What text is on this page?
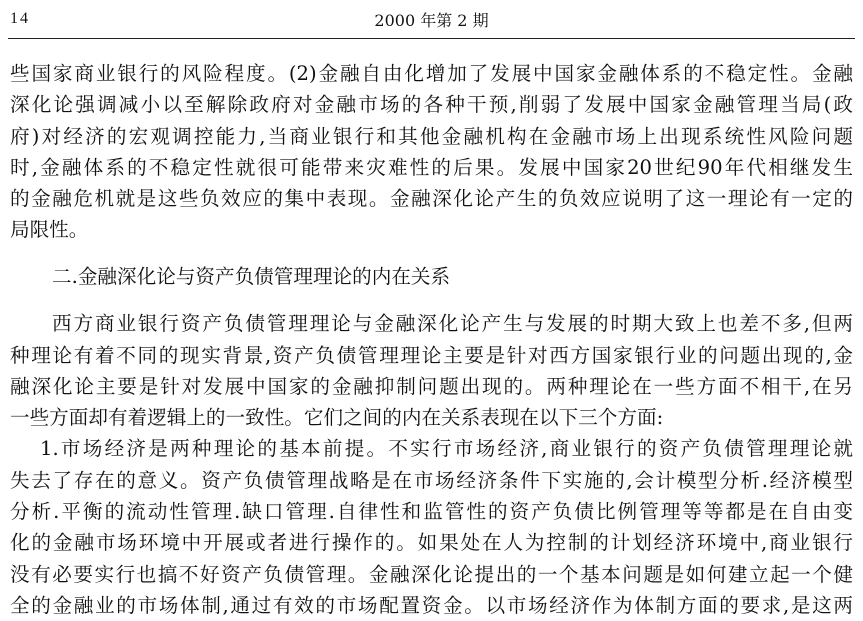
14	2000 年第 2 期
些国家商业银行的风险程度。(2)金融自由化增加了发展中国家金融体系的不稳定性。金融
深化论强调减小以至解除政府对金融市场的各种干预,削弱了发展中国家金融管理当局(政
府)对经济的宏观调控能力,当商业银行和其他金融机构在金融市场上出现系统性风险问题
时,金融体系的不稳定性就很可能带来灾难性的后果。发展中国家20世纪90年代相继发生
的金融危机就是这些负效应的集中表现。金融深化论产生的负效应说明了这一理论有一定的
局限性。
二.金融深化论与资产负债管理理论的内在关系
西方商业银行资产负债管理理论与金融深化论产生与发展的时期大致上也差不多,但两
种理论有着不同的现实背景,资产负债管理理论主要是针对西方国家银行业的问题出现的,金
融深化论主要是针对发展中国家的金融抑制问题出现的。两种理论在一些方面不相干,在另
一些方面却有着逻辑上的一致性。它们之间的内在关系表现在以下三个方面:
1.市场经济是两种理论的基本前提。不实行市场经济,商业银行的资产负债管理理论就
失去了存在的意义。资产负债管理战略是在市场经济条件下实施的,会计模型分析.经济模型
分析.平衡的流动性管理.缺口管理.自律性和监管性的资产负债比例管理等等都是在自由变
化的金融市场环境中开展或者进行操作的。如果处在人为控制的计划经济环境中,商业银行
没有必要实行也搞不好资产负债管理。金融深化论提出的一个基本问题是如何建立起一个健
全的金融业的市场体制,通过有效的市场配置资金。以市场经济作为体制方面的要求,是这两
